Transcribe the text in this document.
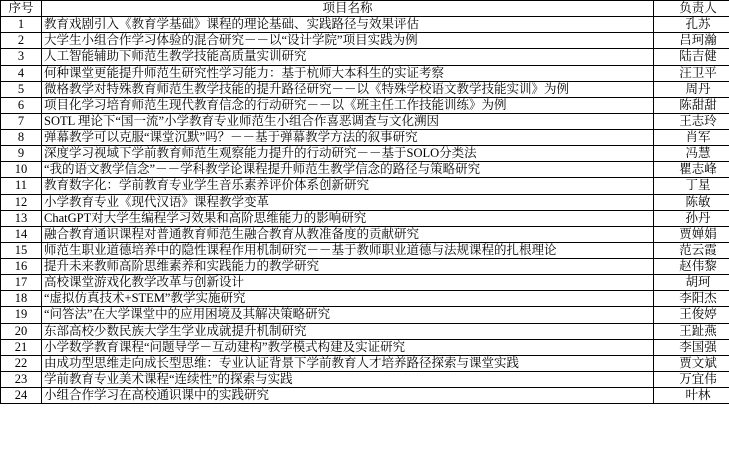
序号	项目名称	负责人
1	教育戏剧引入《教育学基础》课程的理论基础、实践路径与效果评估	孔苏
2	大学生小组合作学习体验的混合研究－－以“设计学院”项目实践为例	吕珂瀚
3	人工智能辅助下师范生教学技能高质量实训研究	陆吉健
4	何种课堂更能提升师范生研究性学习能力：基于杭师大本科生的实证考察	汪卫平
5	微格教学对特殊教育师范生教学技能的提升路径研究－－以《特殊学校语文教学技能实训》为例	周丹
6	项目化学习培育师范生现代教育信念的行动研究－－以《班主任工作技能训练》为例	陈甜甜
7	SOTL 理论下“国一流”小学教育专业师范生小组合作喜恶调查与文化溯因	王志玲
8	弹幕教学可以克服“课堂沉默”吗？－－基于弹幕教学方法的叙事研究	肖军
9	深度学习视域下学前教育师范生观察能力提升的行动研究－－基于SOLO分类法	冯慧
10	“我的语文教学信念”－－学科教学论课程提升师范生教学信念的路径与策略研究	瞿志峰
11	教育数字化：学前教育专业学生音乐素养评价体系创新研究	丁星
12	小学教育专业《现代汉语》课程教学变革	陈敏
13	ChatGPT对大学生编程学习效果和高阶思维能力的影响研究	孙丹
14	融合教育通识课程对普通教育师范生融合教育从教准备度的贡献研究	贾婵娟
15	师范生职业道德培养中的隐性课程作用机制研究－－基于教师职业道德与法规课程的扎根理论	范云霞
16	提升未来教师高阶思维素养和实践能力的教学研究	赵伟黎
17	高校课堂游戏化教学改革与创新设计	胡珂
18	“虚拟仿真技术+STEM”教学实施研究	李阳杰
19	“问答法”在大学课堂中的应用困境及其解决策略研究	王俊婷
20	东部高校少数民族大学生学业成就提升机制研究	王趾燕
21	小学数学教育课程“问题导学－互动建构”教学模式构建及实证研究	李国强
22	由成功型思维走向成长型思维：专业认证背景下学前教育人才培养路径探索与课堂实践	贾文斌
23	学前教育专业美术课程“连续性”的探索与实践	万宜伟
24	小组合作学习在高校通识课中的实践研究	叶林
